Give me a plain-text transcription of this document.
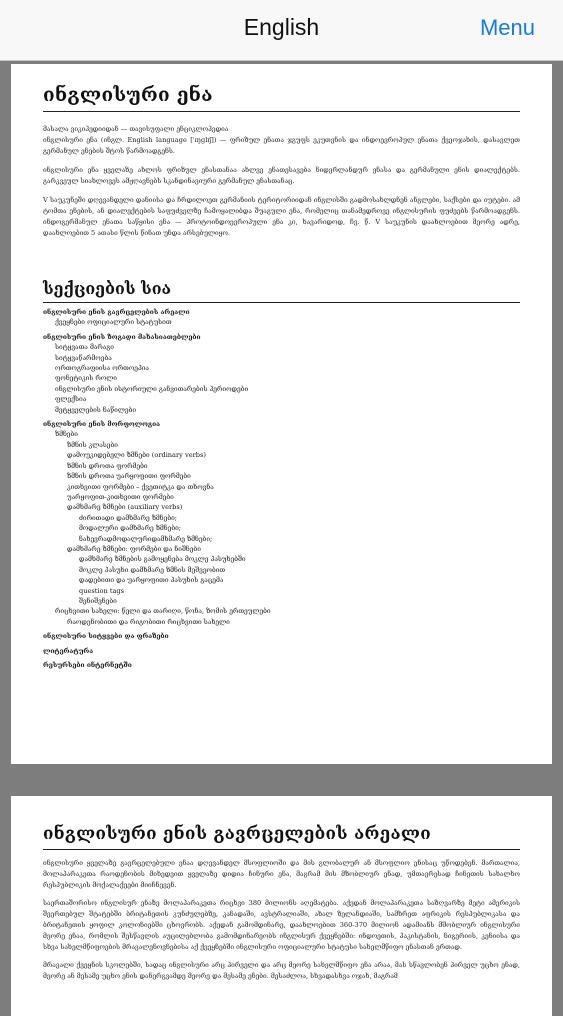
English	Menu
ინგლისური ენა

მასალა ვიკიპედიიდან — თავისუფალი ენციკლოპედია

ინგლისური ენა (ინგლ. English language [ˈɪŋɡlɪʃ]) — ფრიზულ ენათა ჯგუფს ეკუთვნის და ინდოევროპულ ენათა ქვეოჯახის, დასავლეთ გერმანულ ენების შტოს წარმოადგენს.

ინგლისური ენა ყველაზე ახლოს ფრიზულ ენასთანაა ახლვე ენათესავება ნიდერლანდურ ენასა და გერმანული ენის დიალექტებს. გარკვეულ სიახლოვეს ამჟღავნებს სკანდინავიური გერმანულ ენასთანაც.

V საუკუნეში დღევანდელი დანიისა და ჩრდილოეთ გერმანიის ტერიტორიიდან ინგლისში გადმოსახლდნენ ანგლები, საქსები და იუტები. ამ ტომთა ენების, ან დიალექტების საფუძველზე ჩამოყალიბდა შუაგული ენა, რომელიც თანამედროვე ინგლისურის ფუძეებს წარმოადგენს. ინდოგერმანულ ენათა საწყისი ენა — პროტოინდოევროპული ენა კი, ხავარიდოდ, ჩვ. წ. V საუკუნის დაახლოებით მეორე ადრე, დაახლოებით 5 ათასი წლის წინათ უნდა არსებულიყო.

სექციების სია
ინგლისური ენის გავრცელების არეალი
ქვეყნები ოფიციალური სტატუსით
ინგლისური ენის ზოგადი მახასიათებლები
სიტყვათა მარაგი
სიტყვაწარმოება
ორთოგრაფიისა ორთოეპია
ფონეტიკის როლი
ინგლისური ენის ისტორიული განვითარების პერიოდები
ფლექსია
მეტყველების ნაწილები
ინგლისური ენის მორფოლოგია
ზმნები
ზმნის კლასები
დამოუკიდებელი ზმნები (ordinary verbs)
ზმნის დროთა ფორმები
ზმნის დროთა უარყოფითი ფორმები
კითხვითი ფორმები – ქვეთიტკა და თხოვნა
უარყოფით-კითხვითი ფორმები
დამხმარე ზმნები (auxiliary verbs)
ძირითადი დამხმარე ზმნები;
მოდალური დამხმარე ზმნები;
ნახევრადმოდალურიდამხმარე ზმნები;
დამხმარე ზმნები: ფორმები და ნიშნები
დამხმარე ზმნების გამოყენება მოკლე პასუხებში
მოკლე პასუხი დამხმარე ზმნის მეშვეობით
დადებითი და უარყოფითი პასუხის გაცემა
question tags
შენიშვნები
რიცხვითი სახელი: წელი და თარიღი, წონა, ზომის ერთეულები
რაოდენობითი და რიგობითი რიცხვითი სახელი
ინგლისური სიტყვები და ფრაზები
ლიტერატურა
რესურსები ინტერნეტში
ინგლისური ენის გავრცელების არეალი

ინგლისური ყველაზე გავრცელებული ენაა დღევანდელ მსოფლიოში და მის გლობალურ ან მსოფლიო ენისაც უწოდებენ. მართალია, მოლაპარაკეთა რაოდენობის მიხედვით ყველაზე დიდია ჩინური ენა, მაგრამ მის მზობლიურ ენად, უმთავრესად ჩინეთის სახალხო რესპუბლიკის მოქალაქეები მიიჩნევენ.

საერთაშორისო ინგლისურ ენაზე მოლაპარაკეთა რიცხვი 380 მილიონს აღემატება. აქედან მოლაპარაკეთა საზღვარზე მეტი ამერიკის შეერთებულ შტატებში ბრიტანეთის კუნძულებზე, კანადაში, ავსტრალიაში, ახალ ზელანდიაში, სამხრეთ აფრიკის რესპუბლიკასა და ბრიტანეთის ყოფილ კოლონიებში ცხოვრობს. აქედან გამომდინარე, დაახლოებით 360-370 მილიონ ადამიანს მშობლიურ ინგლისური მეორე ენაა, რომლის შესწავლის აუცილებლობა გამომდინარეობს ინგლისურ ქვეყნებში: ინდოეთის, პაკისტანის, ნიგერიის, კენიისა და სხვა სახელმწიფოების მრავალენოვნებისა აქ ქვეყნებში ინგლისური ოფიციალური სტატუსი სახელმწიფო ენასთან ერთად.

მრავალი ქვეყნის სკოლებში, სადაც ინგლისური არც პირველი და არც მეორე სახელმწიფო ენა არაა, მას სწავლობენ პირველ უცხო ენად, მეორე ან მესამე უცხო ენის დანერგვამდე მეორე და მესამე ენები. მესაძლოა, სხვადასხვა ოჯახ, მაგრამ
